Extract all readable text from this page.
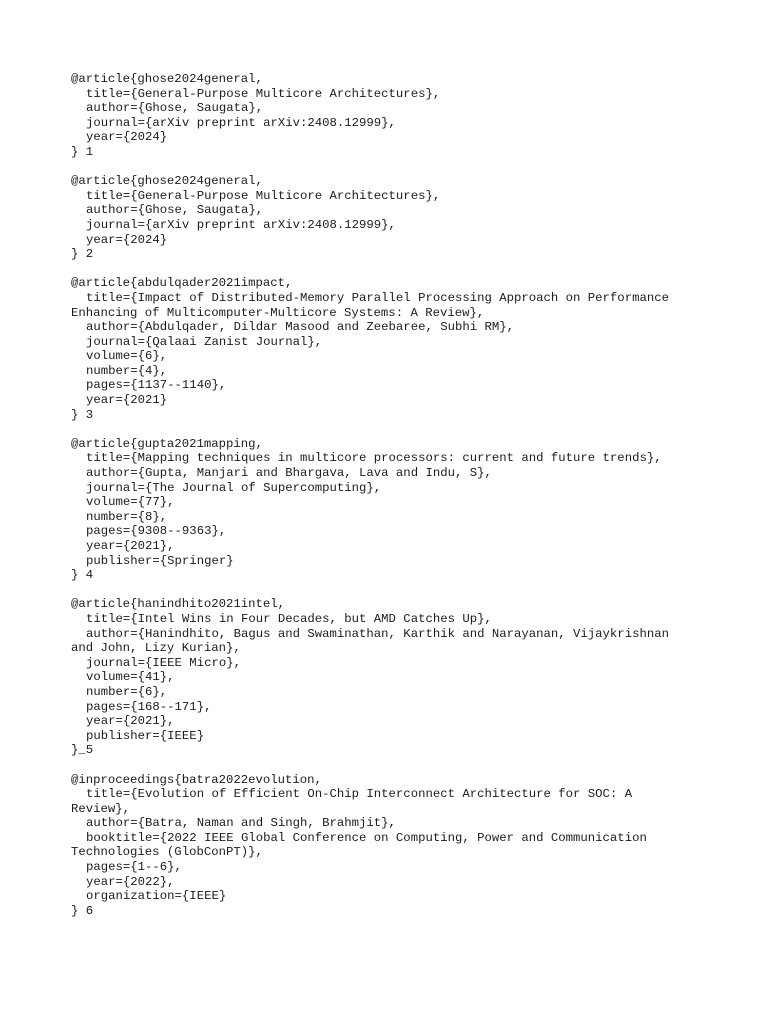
@article{ghose2024general,
title={General-Purpose Multicore Architectures},
author={Ghose, Saugata},
journal={arXiv preprint arXiv:2408.12999},
year={2024}
} 1
@article{ghose2024general,
title={General-Purpose Multicore Architectures},
author={Ghose, Saugata},
journal={arXiv preprint arXiv:2408.12999},
year={2024}
} 2
@article{abdulqader2021impact,
title={Impact of Distributed-Memory Parallel Processing Approach on Performance
Enhancing of Multicomputer-Multicore Systems: A Review},
author={Abdulqader, Dildar Masood and Zeebaree, Subhi RM},
journal={Qalaai Zanist Journal},
volume={6},
number={4},
pages={1137--1140},
year={2021}
} 3
@article{gupta2021mapping,
title={Mapping techniques in multicore processors: current and future trends},
author={Gupta, Manjari and Bhargava, Lava and Indu, S},
journal={The Journal of Supercomputing},
volume={77},
number={8},
pages={9308--9363},
year={2021},
publisher={Springer}
} 4
@article{hanindhito2021intel,
title={Intel Wins in Four Decades, but AMD Catches Up},
author={Hanindhito, Bagus and Swaminathan, Karthik and Narayanan, Vijaykrishnan
and John, Lizy Kurian},
journal={IEEE Micro},
volume={41},
number={6},
pages={168--171},
year={2021},
publisher={IEEE}
}_5
@inproceedings{batra2022evolution,
title={Evolution of Efficient On-Chip Interconnect Architecture for SOC: A
Review},
author={Batra, Naman and Singh, Brahmjit},
booktitle={2022 IEEE Global Conference on Computing, Power and Communication
Technologies (GlobConPT)},
pages={1--6},
year={2022},
organization={IEEE}
} 6
